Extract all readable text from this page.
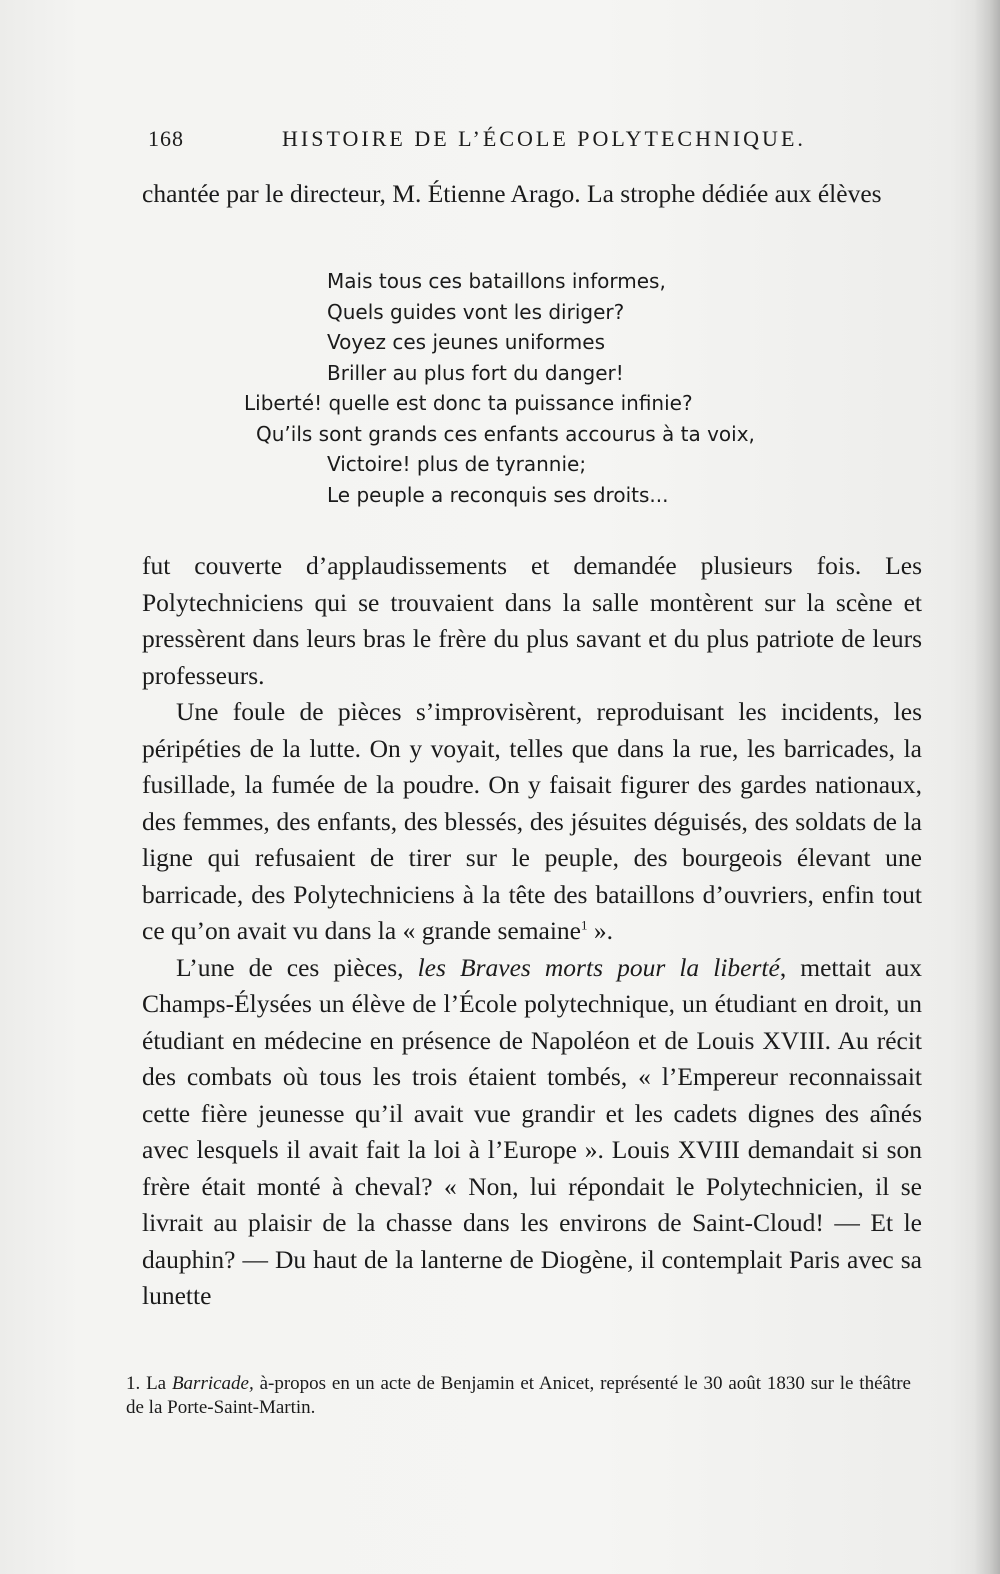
168	HISTOIRE DE L’ÉCOLE POLYTECHNIQUE.

chantée par le directeur, M. Étienne Arago. La strophe dédiée aux élèves

Mais tous ces bataillons informes,
Quels guides vont les diriger?
Voyez ces jeunes uniformes
Briller au plus fort du danger!
Liberté! quelle est donc ta puissance infinie?
Qu’ils sont grands ces enfants accourus à ta voix,
Victoire! plus de tyrannie;
Le peuple a reconquis ses droits...

fut couverte d’applaudissements et demandée plusieurs fois. Les Polytechniciens qui se trouvaient dans la salle montèrent sur la scène et pressèrent dans leurs bras le frère du plus savant et du plus patriote de leurs professeurs.

Une foule de pièces s’improvisèrent, reproduisant les incidents, les péripéties de la lutte. On y voyait, telles que dans la rue, les barricades, la fusillade, la fumée de la poudre. On y faisait figurer des gardes nationaux, des femmes, des enfants, des blessés, des jésuites déguisés, des soldats de la ligne qui refusaient de tirer sur le peuple, des bourgeois élevant une barricade, des Polytechniciens à la tête des bataillons d’ouvriers, enfin tout ce qu’on avait vu dans la « grande semaine$^1$ ».

L’une de ces pièces, les Braves morts pour la liberté, mettait aux Champs-Élysées un élève de l’École polytechnique, un étudiant en droit, un étudiant en médecine en présence de Napoléon et de Louis XVIII. Au récit des combats où tous les trois étaient tombés, « l’Empereur reconnaissait cette fière jeunesse qu’il avait vue grandir et les cadets dignes des aînés avec lesquels il avait fait la loi à l’Europe ». Louis XVIII demandait si son frère était monté à cheval? « Non, lui répondait le Polytechnicien, il se livrait au plaisir de la chasse dans les environs de Saint-Cloud! — Et le dauphin? — Du haut de la lanterne de Diogène, il contemplait Paris avec sa lunette

1. La Barricade, à-propos en un acte de Benjamin et Anicet, représenté le 30 août 1830 sur le théâtre de la Porte-Saint-Martin.
